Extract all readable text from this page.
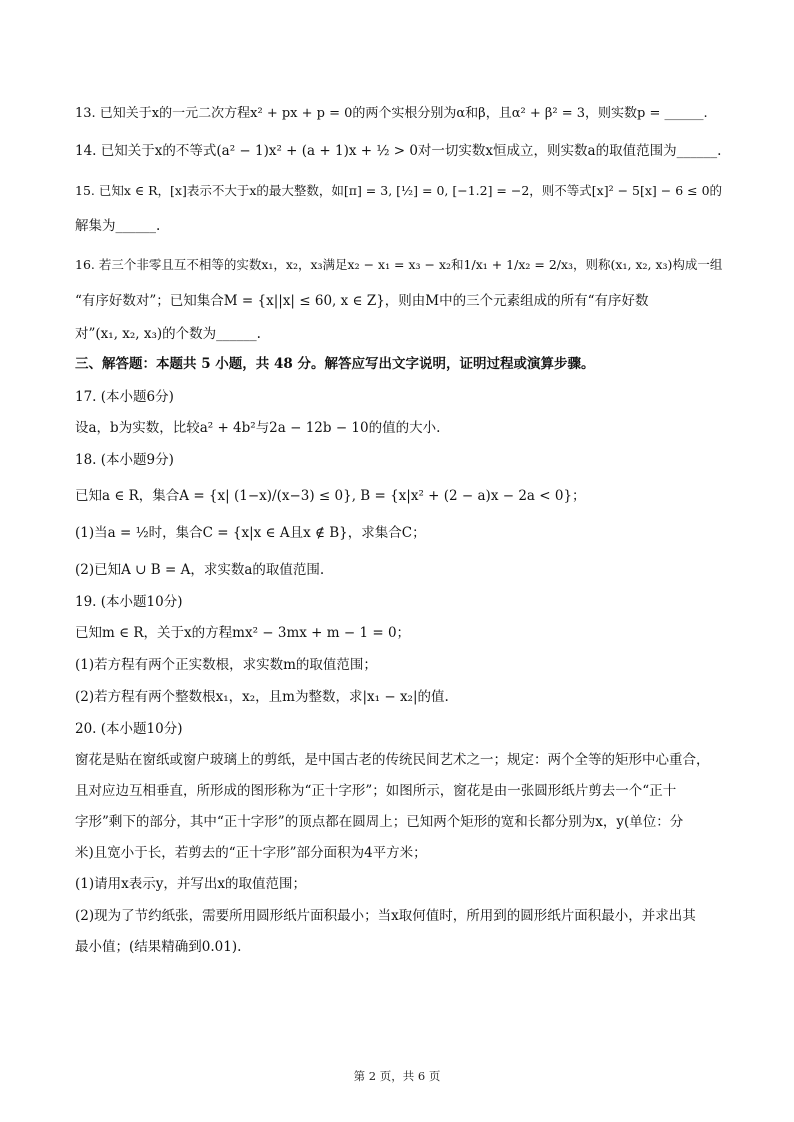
13. 已知关于x的一元二次方程x² + px + p = 0的两个实根分别为α和β，且α² + β² = 3，则实数p = ______.
14. 已知关于x的不等式(a² − 1)x² + (a + 1)x + ½ > 0对一切实数x恒成立，则实数a的取值范围为______.
15. 已知x ∈ R，[x]表示不大于x的最大整数，如[π] = 3, [½] = 0, [−1.2] = −2，则不等式[x]² − 5[x] − 6 ≤ 0的
解集为______.
16. 若三个非零且互不相等的实数x₁，x₂，x₃满足x₂ − x₁ = x₃ − x₂和1/x₁ + 1/x₂ = 2/x₃，则称(x₁, x₂, x₃)构成一组
“有序好数对”；已知集合M = {x||x| ≤ 60, x ∈ Z}，则由M中的三个元素组成的所有“有序好数
对”(x₁, x₂, x₃)的个数为______.
三、解答题：本题共 5 小题，共 48 分。解答应写出文字说明，证明过程或演算步骤。
17. (本小题6分)
设a，b为实数，比较a² + 4b²与2a − 12b − 10的值的大小.
18. (本小题9分)
已知a ∈ R，集合A = {x| (1−x)/(x−3) ≤ 0}, B = {x|x² + (2 − a)x − 2a < 0}；
(1)当a = ½时，集合C = {x|x ∈ A且x ∉ B}，求集合C；
(2)已知A ∪ B = A，求实数a的取值范围.
19. (本小题10分)
已知m ∈ R，关于x的方程mx² − 3mx + m − 1 = 0；
(1)若方程有两个正实数根，求实数m的取值范围；
(2)若方程有两个整数根x₁，x₂，且m为整数，求|x₁ − x₂|的值.
20. (本小题10分)
窗花是贴在窗纸或窗户玻璃上的剪纸，是中国古老的传统民间艺术之一；规定：两个全等的矩形中心重合，
且对应边互相垂直，所形成的图形称为“正十字形”；如图所示，窗花是由一张圆形纸片剪去一个“正十
字形”剩下的部分，其中“正十字形”的顶点都在圆周上；已知两个矩形的宽和长都分别为x，y(单位：分
米)且宽小于长，若剪去的“正十字形”部分面积为4平方米；
(1)请用x表示y，并写出x的取值范围；
(2)现为了节约纸张，需要所用圆形纸片面积最小；当x取何值时，所用到的圆形纸片面积最小，并求出其
最小值；(结果精确到0.01).
第 2 页，共 6 页
